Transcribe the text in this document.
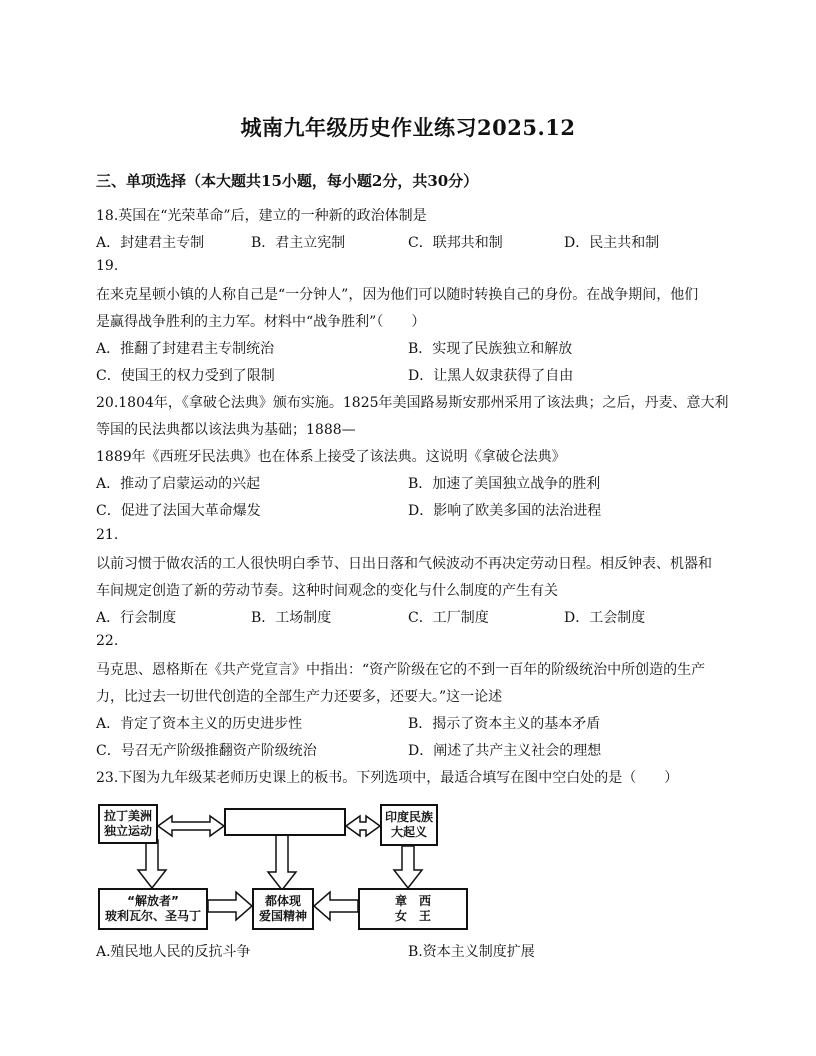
城南九年级历史作业练习2025.12
三、单项选择（本大题共15小题，每小题2分，共30分）
18.英国在“光荣革命”后，建立的一种新的政治体制是
A．封建君主专制	B．君主立宪制	C．联邦共和制	D．民主共和制
19.
在来克星顿小镇的人称自己是“一分钟人”，因为他们可以随时转换自己的身份。在战争期间，他们
是赢得战争胜利的主力军。材料中“战争胜利”（　　）
A．推翻了封建君主专制统治	B．实现了民族独立和解放
C．使国王的权力受到了限制	D．让黑人奴隶获得了自由
20.1804年，《拿破仑法典》颁布实施。1825年美国路易斯安那州采用了该法典；之后，丹麦、意大利
等国的民法典都以该法典为基础；1888—
1889年《西班牙民法典》也在体系上接受了该法典。这说明《拿破仑法典》
A．推动了启蒙运动的兴起	B．加速了美国独立战争的胜利
C．促进了法国大革命爆发	D．影响了欧美多国的法治进程
21.
以前习惯于做农活的工人很快明白季节、日出日落和气候波动不再决定劳动日程。相反钟表、机器和
车间规定创造了新的劳动节奏。这种时间观念的变化与什么制度的产生有关
A．行会制度	B．工场制度	C．工厂制度	D．工会制度
22.
马克思、恩格斯在《共产党宣言》中指出：“资产阶级在它的不到一百年的阶级统治中所创造的生产
力，比过去一切世代创造的全部生产力还要多，还要大。”这一论述
A．肯定了资本主义的历史进步性	B．揭示了资本主义的基本矛盾
C．号召无产阶级推翻资产阶级统治	D．阐述了共产主义社会的理想
23.下图为九年级某老师历史课上的板书。下列选项中，最适合填写在图中空白处的是（　　）
拉丁美洲
独立运动
印度民族
大起义
“解放者”
玻利瓦尔、圣马丁
都体现
爱国精神
章　西
女　王
A.殖民地人民的反抗斗争	B.资本主义制度扩展
